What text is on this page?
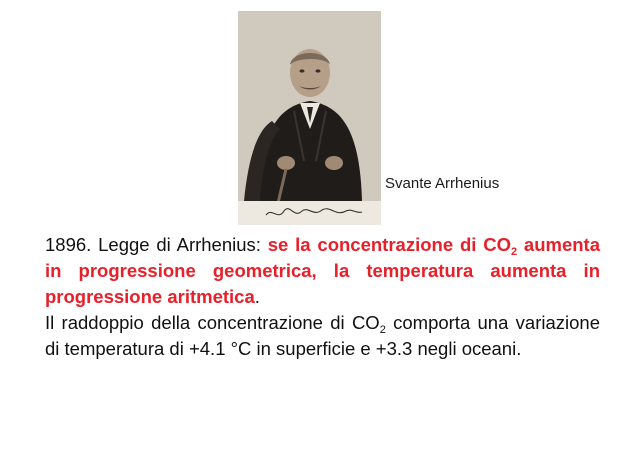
Svante Arrhenius

1896. Legge di Arrhenius: se la concentrazione di $CO_2$ aumenta in progressione geometrica, la temperatura aumenta in progressione aritmetica.

Il raddoppio della concentrazione di $CO_2$ comporta una variazione di temperatura di +4.1 °C in superficie e +3.3 negli oceani.
